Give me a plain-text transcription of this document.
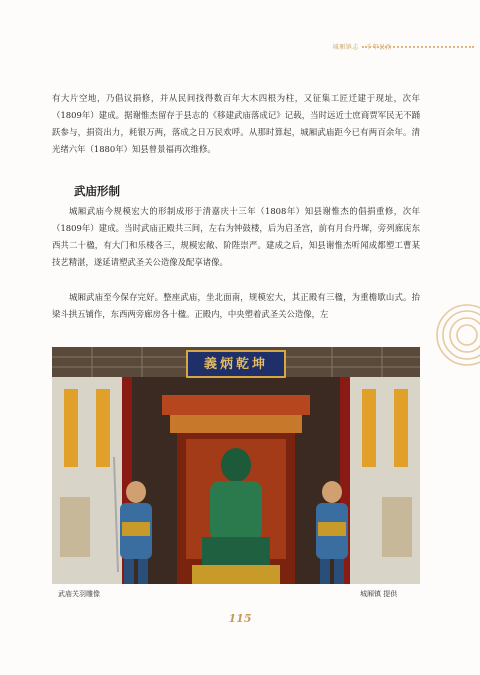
城厢镇志 · 千年县治
有大片空地，乃倡议捐修，并从民间找得数百年大木四根为柱，又征集工匠迁建于现址，次年（1809年）建成。据谢惟杰留存于县志的《移建武庙落成记》记载，当时远近士庶商贾军民无不踊跃参与，捐资出力，耗银万两，落成之日万民欢呼。从那时算起，城厢武庙距今已有两百余年。清光绪六年（1880年）知县曾景福再次维修。
武庙形制
城厢武庙今规模宏大的形制成形于清嘉庆十三年（1808年）知县谢惟杰的倡捐重修，次年（1809年）建成。当时武庙正殿共三间，左右为钟鼓楼，后为启圣宫，前有月台丹墀，旁列廊庑东西共二十楹，有大门和乐楼各三，规模宏敞、阶陛崇严。建成之后，知县谢惟杰听闻成都塑工曹某技艺精湛，遂延请塑武圣关公造像及配享诸像。
城厢武庙至今保存完好。整座武庙，坐北面南，规模宏大，其正殿有三楹，为重檐歇山式。抬梁斗拱五铺作，东西两旁廊房各十楹。正殿内，中央塑着武圣关公造像，左
義炳乾坤
武庙关羽雕像	城厢镇 提供
115
